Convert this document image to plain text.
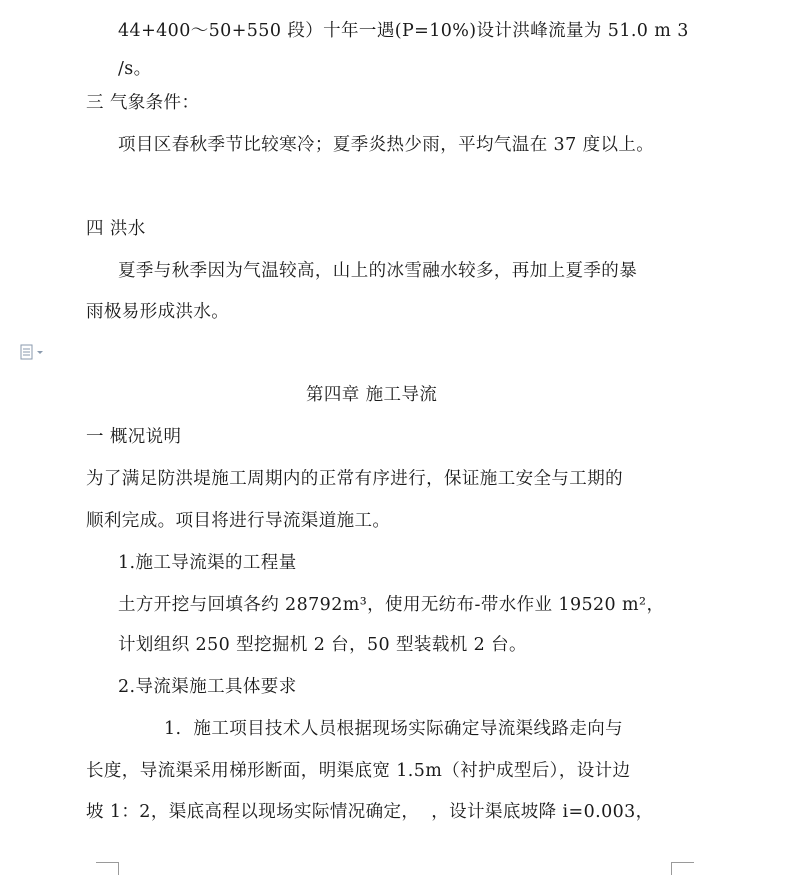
44+400～50+550 段）十年一遇(P=10%)设计洪峰流量为 51.0 m 3
/s。
三 气象条件：
项目区春秋季节比较寒冷；夏季炎热少雨，平均气温在 37 度以上。
四 洪水
夏季与秋季因为气温较高，山上的冰雪融水较多，再加上夏季的暴
雨极易形成洪水。
第四章 施工导流
一 概况说明
为了满足防洪堤施工周期内的正常有序进行，保证施工安全与工期的
顺利完成。项目将进行导流渠道施工。
1.施工导流渠的工程量
土方开挖与回填各约 28792m³，使用无纺布-带水作业 19520 m²，
计划组织 250 型挖掘机 2 台，50 型装载机 2 台。
2.导流渠施工具体要求
1.  施工项目技术人员根据现场实际确定导流渠线路走向与
长度，导流渠采用梯形断面，明渠底宽 1.5m（衬护成型后），设计边
坡 1：2，渠底高程以现场实际情况确定，  ，设计渠底坡降 i=0.003，
